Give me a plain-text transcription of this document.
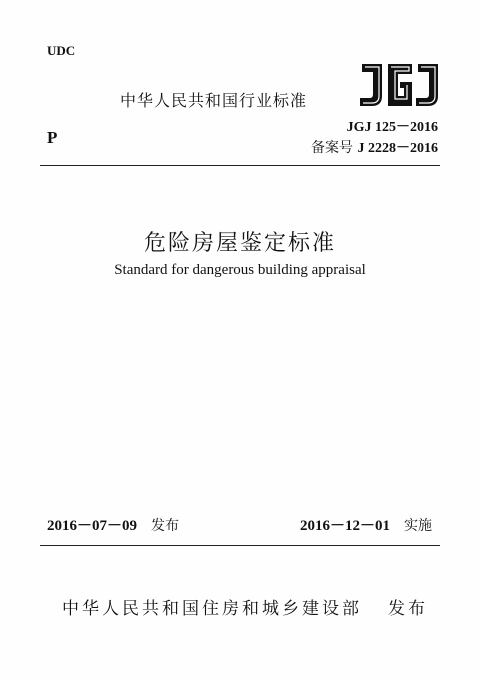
UDC
中华人民共和国行业标准
P
JGJ 125－2016
备案号 J 2228－2016
危险房屋鉴定标准
Standard for dangerous building appraisal
2016－07－09 发布	2016－12－01 实施
中华人民共和国住房和城乡建设部 发布
